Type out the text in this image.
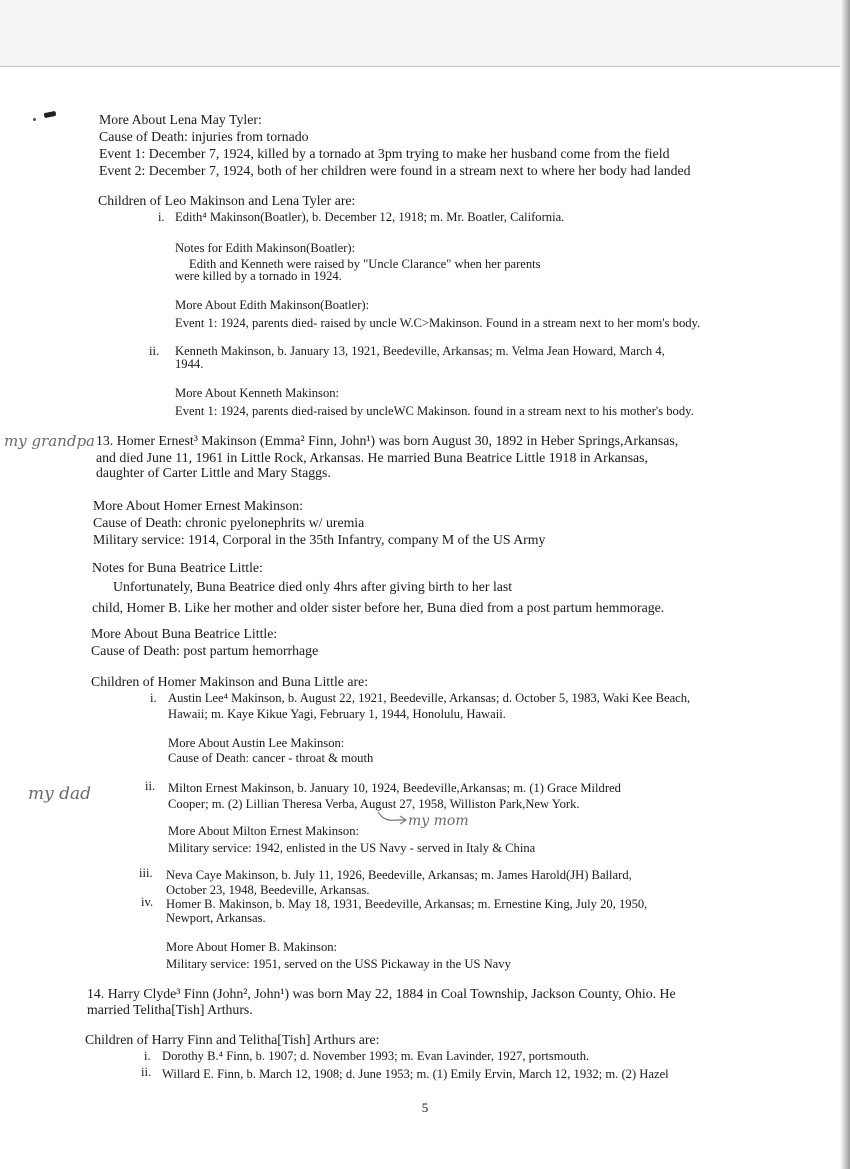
More About Lena May Tyler:
Cause of Death: injuries from tornado
Event 1: December 7, 1924, killed by a tornado at 3pm trying to make her husband come from the field
Event 2: December 7, 1924, both of her children were found in a stream next to where her body had landed
Children of Leo Makinson and Lena Tyler are:
i. Edith⁴ Makinson(Boatler), b. December 12, 1918; m. Mr. Boatler, California.
Notes for Edith Makinson(Boatler):
Edith and Kenneth were raised by "Uncle Clarance" when her parents
were killed by a tornado in 1924.
More About Edith Makinson(Boatler):
Event 1: 1924, parents died- raised by uncle W.C>Makinson. Found in a stream next to her mom's body.
ii. Kenneth Makinson, b. January 13, 1921, Beedeville, Arkansas; m. Velma Jean Howard, March 4,
1944.
More About Kenneth Makinson:
Event 1: 1924, parents died-raised by uncleWC Makinson. found in a stream next to his mother's body.
13. Homer Ernest³ Makinson (Emma² Finn, John¹) was born August 30, 1892 in Heber Springs,Arkansas,
and died June 11, 1961 in Little Rock, Arkansas. He married Buna Beatrice Little 1918 in Arkansas,
daughter of Carter Little and Mary Staggs.
More About Homer Ernest Makinson:
Cause of Death: chronic pyelonephrits w/ uremia
Military service: 1914, Corporal in the 35th Infantry, company M of the US Army
Notes for Buna Beatrice Little:
Unfortunately, Buna Beatrice died only 4hrs after giving birth to her last
child, Homer B. Like her mother and older sister before her, Buna died from a post partum hemmorage.
More About Buna Beatrice Little:
Cause of Death: post partum hemorrhage
Children of Homer Makinson and Buna Little are:
i. Austin Lee⁴ Makinson, b. August 22, 1921, Beedeville, Arkansas; d. October 5, 1983, Waki Kee Beach,
Hawaii; m. Kaye Kikue Yagi, February 1, 1944, Honolulu, Hawaii.
More About Austin Lee Makinson:
Cause of Death: cancer - throat & mouth
ii. Milton Ernest Makinson, b. January 10, 1924, Beedeville,Arkansas; m. (1) Grace Mildred
Cooper; m. (2) Lillian Theresa Verba, August 27, 1958, Williston Park,New York.
More About Milton Ernest Makinson:
Military service: 1942, enlisted in the US Navy - served in Italy & China
iii. Neva Caye Makinson, b. July 11, 1926, Beedeville, Arkansas; m. James Harold(JH) Ballard,
October 23, 1948, Beedeville, Arkansas.
iv. Homer B. Makinson, b. May 18, 1931, Beedeville, Arkansas; m. Ernestine King, July 20, 1950,
Newport, Arkansas.
More About Homer B. Makinson:
Military service: 1951, served on the USS Pickaway in the US Navy
14. Harry Clyde³ Finn (John², John¹) was born May 22, 1884 in Coal Township, Jackson County, Ohio. He
married Telitha[Tish] Arthurs.
Children of Harry Finn and Telitha[Tish] Arthurs are:
i. Dorothy B.⁴ Finn, b. 1907; d. November 1993; m. Evan Lavinder, 1927, portsmouth.
ii. Willard E. Finn, b. March 12, 1908; d. June 1953; m. (1) Emily Ervin, March 12, 1932; m. (2) Hazel
my grandpa
my dad
my mom
5
